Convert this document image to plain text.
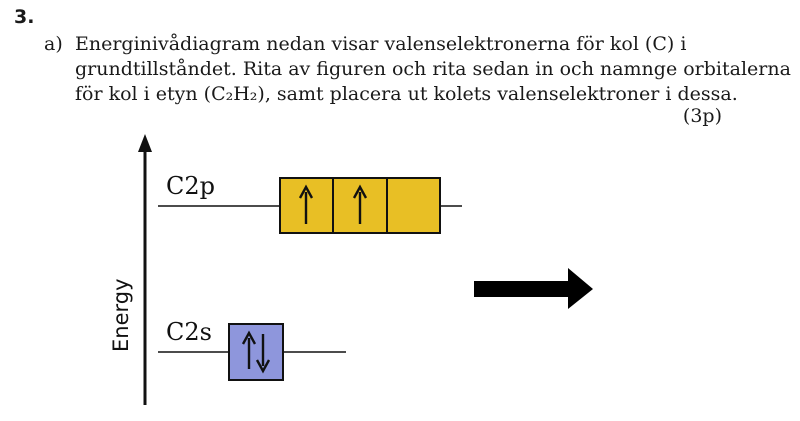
3.
a) Energinivådiagram nedan visar valenselektronerna för kol (C) i
grundtillståndet. Rita av figuren och rita sedan in och namnge orbitalerna
för kol i etyn (C₂H₂), samt placera ut kolets valenselektroner i dessa.
(3p)
Energy
C2p
C2s
